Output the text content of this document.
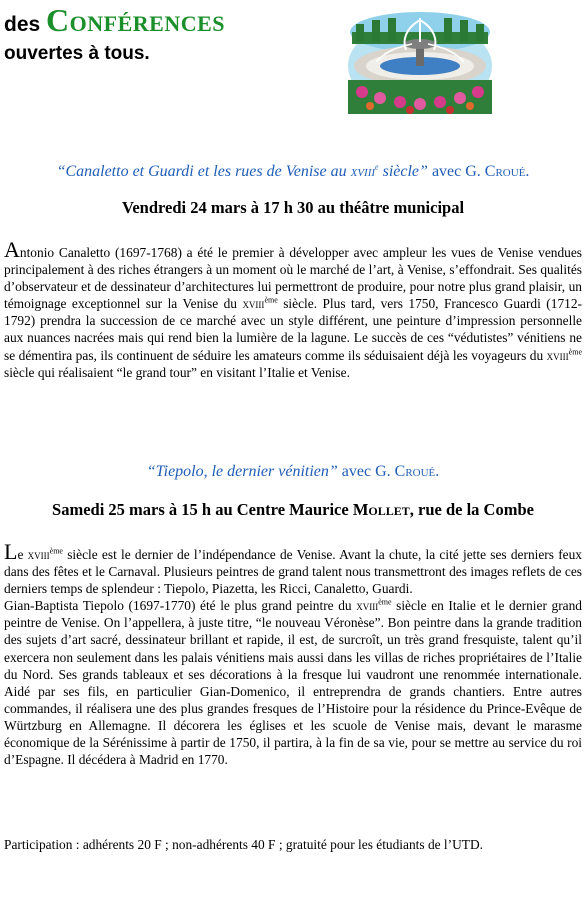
des Conférences
ouvertes à tous.
“Canaletto et Guardi et les rues de Venise au xviii$^e$ siècle” avec G. Croué.
Vendredi 24 mars à 17 h 30 au théâtre municipal
Antonio Canaletto (1697-1768) a été le premier à développer avec ampleur les vues de Venise vendues principalement à des riches étrangers à un moment où le marché de l’art, à Venise, s’effondrait. Ses qualités d’observateur et de dessinateur d’architectures lui permettront de produire, pour notre plus grand plaisir, un témoignage exceptionnel sur la Venise du xviii$^{ème}$ siècle. Plus tard, vers 1750, Francesco Guardi (1712-1792) prendra la succession de ce marché avec un style différent, une peinture d’impression personnelle aux nuances nacrées mais qui rend bien la lumière de la lagune. Le succès de ces “védutistes” vénitiens ne se démentira pas, ils continuent de séduire les amateurs comme ils séduisaient déjà les voyageurs du xviii$^{ème}$ siècle qui réalisaient “le grand tour” en visitant l’Italie et Venise.
“Tiepolo, le dernier vénitien” avec G. Croué.
Samedi 25 mars à 15 h au Centre Maurice Mollet, rue de la Combe
Le xviii$^{ème}$ siècle est le dernier de l’indépendance de Venise. Avant la chute, la cité jette ses derniers feux dans des fêtes et le Carnaval. Plusieurs peintres de grand talent nous transmettront des images reflets de ces derniers temps de splendeur : Tiepolo, Piazetta, les Ricci, Canaletto, Guardi.
Gian-Baptista Tiepolo (1697-1770) été le plus grand peintre du xviii$^{ème}$ siècle en Italie et le dernier grand peintre de Venise. On l’appellera, à juste titre, “le nouveau Véronèse”. Bon peintre dans la grande tradition des sujets d’art sacré, dessinateur brillant et rapide, il est, de surcroît, un très grand fresquiste, talent qu’il exercera non seulement dans les palais vénitiens mais aussi dans les villas de riches propriétaires de l’Italie du Nord. Ses grands tableaux et ses décorations à la fresque lui vaudront une renommée internationale. Aidé par ses fils, en particulier Gian-Domenico, il entreprendra de grands chantiers. Entre autres commandes, il réalisera une des plus grandes fresques de l’Histoire pour la résidence du Prince-Evêque de Würtzburg en Allemagne. Il décorera les églises et les scuole de Venise mais, devant le marasme économique de la Sérénissime à partir de 1750, il partira, à la fin de sa vie, pour se mettre au service du roi d’Espagne. Il décédera à Madrid en 1770.
Participation : adhérents 20 F ; non-adhérents 40 F ; gratuité pour les étudiants de l’UTD.
